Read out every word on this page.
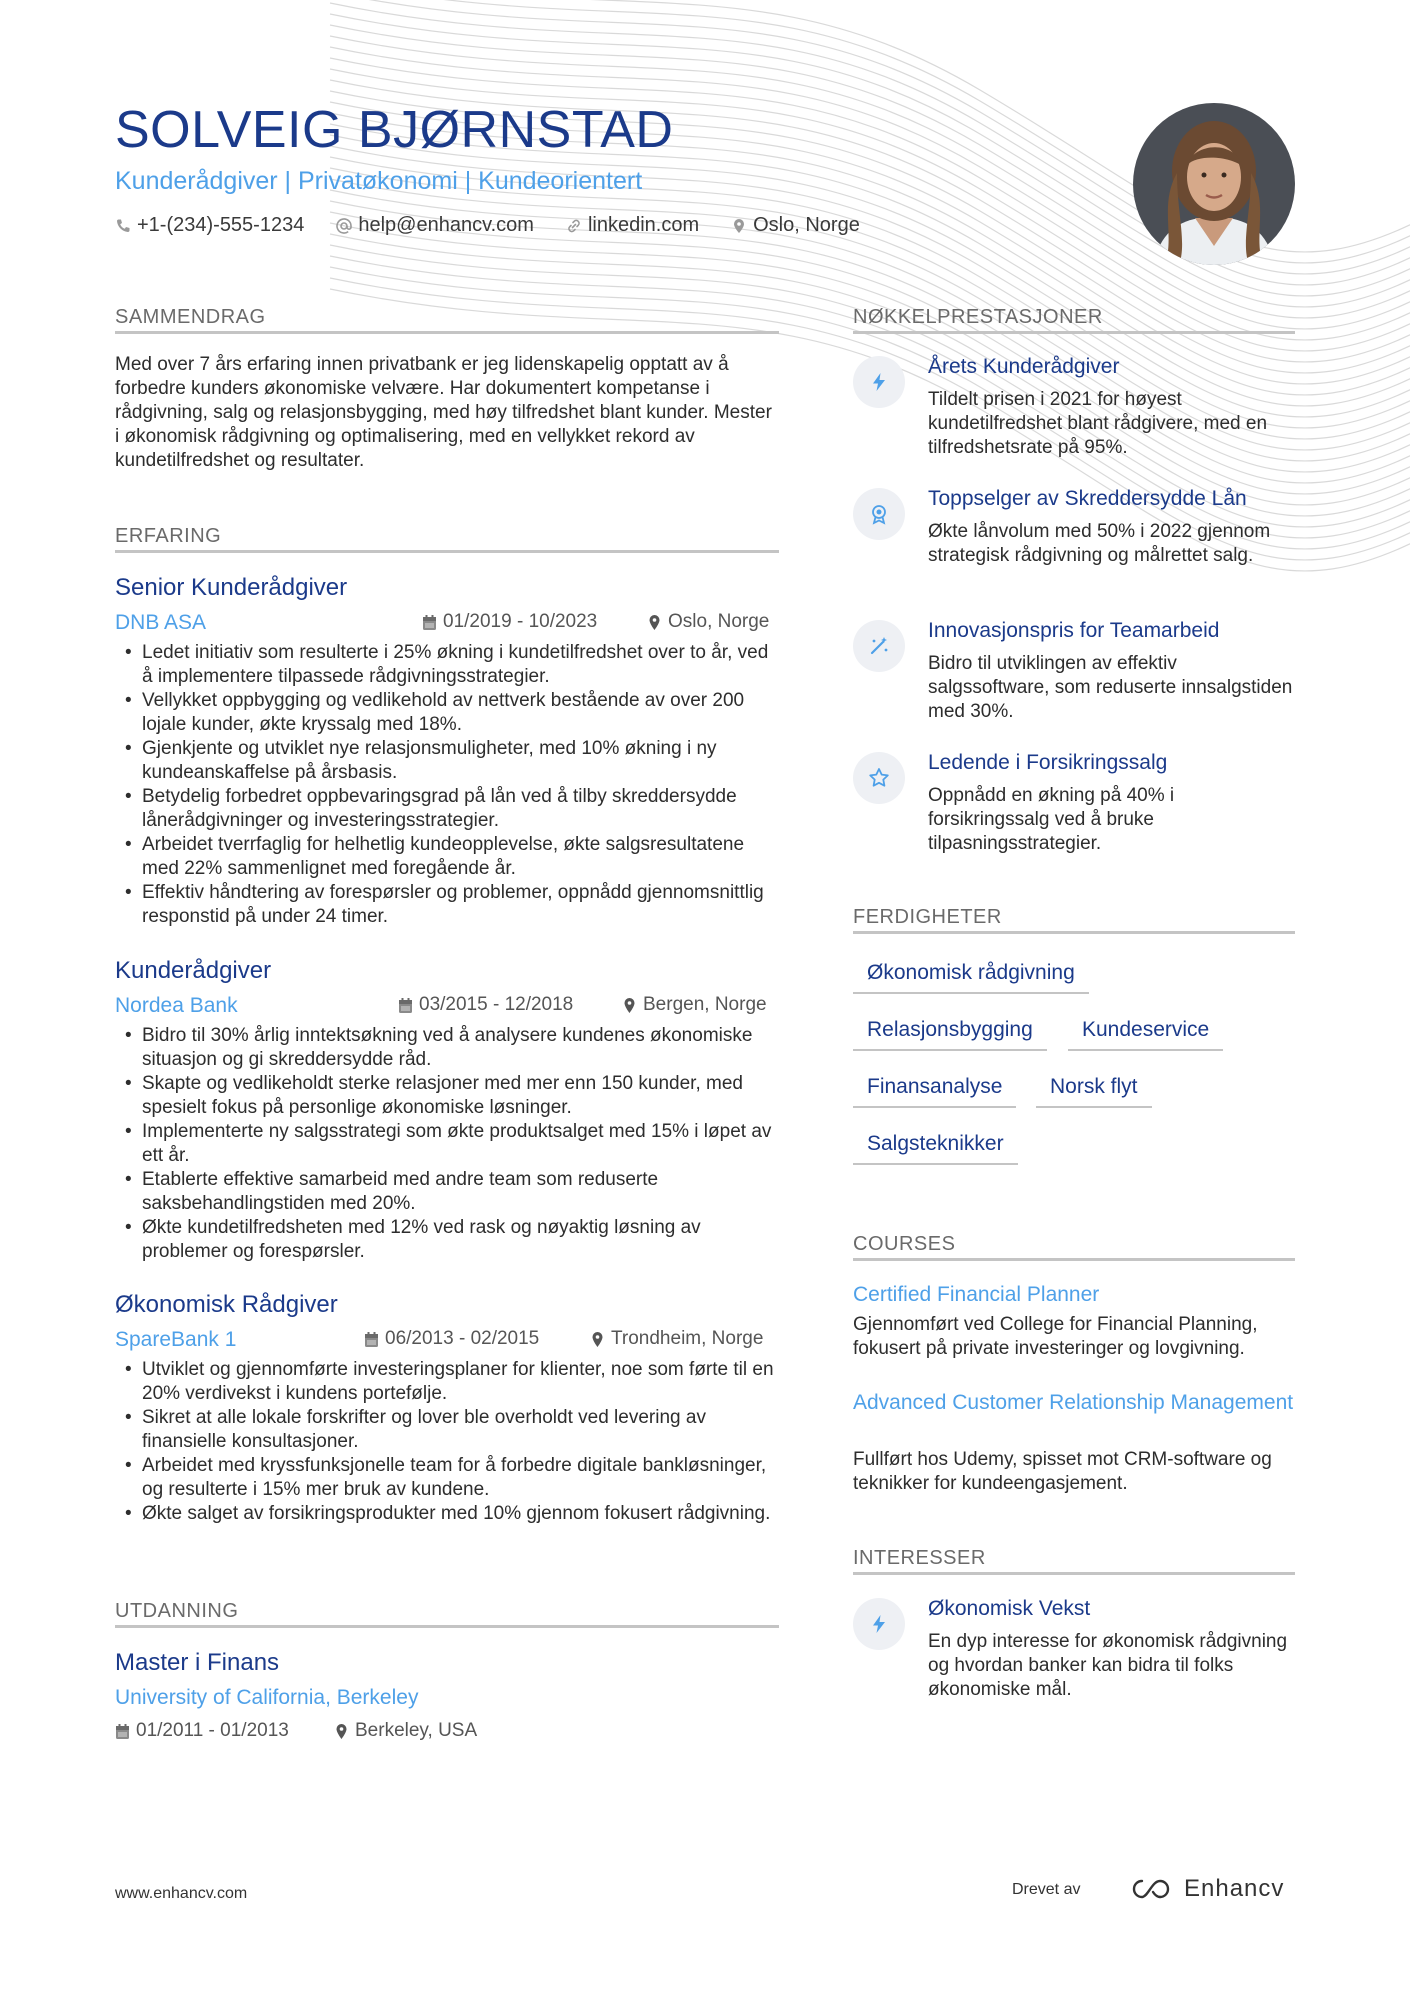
SOLVEIG BJØRNSTAD
Kunderådgiver | Privatøkonomi | Kundeorientert
+1-(234)-555-1234	help@enhancv.com	linkedin.com	Oslo, Norge
SAMMENDRAG
Med over 7 års erfaring innen privatbank er jeg lidenskapelig opptatt av å forbedre kunders økonomiske velvære. Har dokumentert kompetanse i rådgivning, salg og relasjonsbygging, med høy tilfredshet blant kunder. Mester i økonomisk rådgivning og optimalisering, med en vellykket rekord av kundetilfredshet og resultater.
ERFARING
Senior Kunderådgiver
DNB ASA	01/2019 - 10/2023	Oslo, Norge
• Ledet initiativ som resulterte i 25% økning i kundetilfredshet over to år, ved å implementere tilpassede rådgivningsstrategier.
• Vellykket oppbygging og vedlikehold av nettverk bestående av over 200 lojale kunder, økte kryssalg med 18%.
• Gjenkjente og utviklet nye relasjonsmuligheter, med 10% økning i ny kundeanskaffelse på årsbasis.
• Betydelig forbedret oppbevaringsgrad på lån ved å tilby skreddersydde lånerådgivninger og investeringsstrategier.
• Arbeidet tverrfaglig for helhetlig kundeopplevelse, økte salgsresultatene med 22% sammenlignet med foregående år.
• Effektiv håndtering av forespørsler og problemer, oppnådd gjennomsnittlig responstid på under 24 timer.
Kunderådgiver
Nordea Bank	03/2015 - 12/2018	Bergen, Norge
• Bidro til 30% årlig inntektsøkning ved å analysere kundenes økonomiske situasjon og gi skreddersydde råd.
• Skapte og vedlikeholdt sterke relasjoner med mer enn 150 kunder, med spesielt fokus på personlige økonomiske løsninger.
• Implementerte ny salgsstrategi som økte produktsalget med 15% i løpet av ett år.
• Etablerte effektive samarbeid med andre team som reduserte saksbehandlingstiden med 20%.
• Økte kundetilfredsheten med 12% ved rask og nøyaktig løsning av problemer og forespørsler.
Økonomisk Rådgiver
SpareBank 1	06/2013 - 02/2015	Trondheim, Norge
• Utviklet og gjennomførte investeringsplaner for klienter, noe som førte til en 20% verdivekst i kundens portefølje.
• Sikret at alle lokale forskrifter og lover ble overholdt ved levering av finansielle konsultasjoner.
• Arbeidet med kryssfunksjonelle team for å forbedre digitale bankløsninger, og resulterte i 15% mer bruk av kundene.
• Økte salget av forsikringsprodukter med 10% gjennom fokusert rådgivning.
UTDANNING
Master i Finans
University of California, Berkeley
01/2011 - 01/2013	Berkeley, USA
NØKKELPRESTASJONER
Årets Kunderådgiver
Tildelt prisen i 2021 for høyest kundetilfredshet blant rådgivere, med en tilfredshetsrate på 95%.
Toppselger av Skreddersydde Lån
Økte lånvolum med 50% i 2022 gjennom strategisk rådgivning og målrettet salg.
Innovasjonspris for Teamarbeid
Bidro til utviklingen av effektiv salgssoftware, som reduserte innsalgstiden med 30%.
Ledende i Forsikringssalg
Oppnådd en økning på 40% i forsikringssalg ved å bruke tilpasningsstrategier.
FERDIGHETER
Økonomisk rådgivning
Relasjonsbygging	Kundeservice
Finansanalyse	Norsk flyt
Salgsteknikker
COURSES
Certified Financial Planner
Gjennomført ved College for Financial Planning, fokusert på private investeringer og lovgivning.
Advanced Customer Relationship Management
Fullført hos Udemy, spisset mot CRM-software og teknikker for kundeengasjement.
INTERESSER
Økonomisk Vekst
En dyp interesse for økonomisk rådgivning og hvordan banker kan bidra til folks økonomiske mål.
www.enhancv.com	Drevet av	Enhancv
